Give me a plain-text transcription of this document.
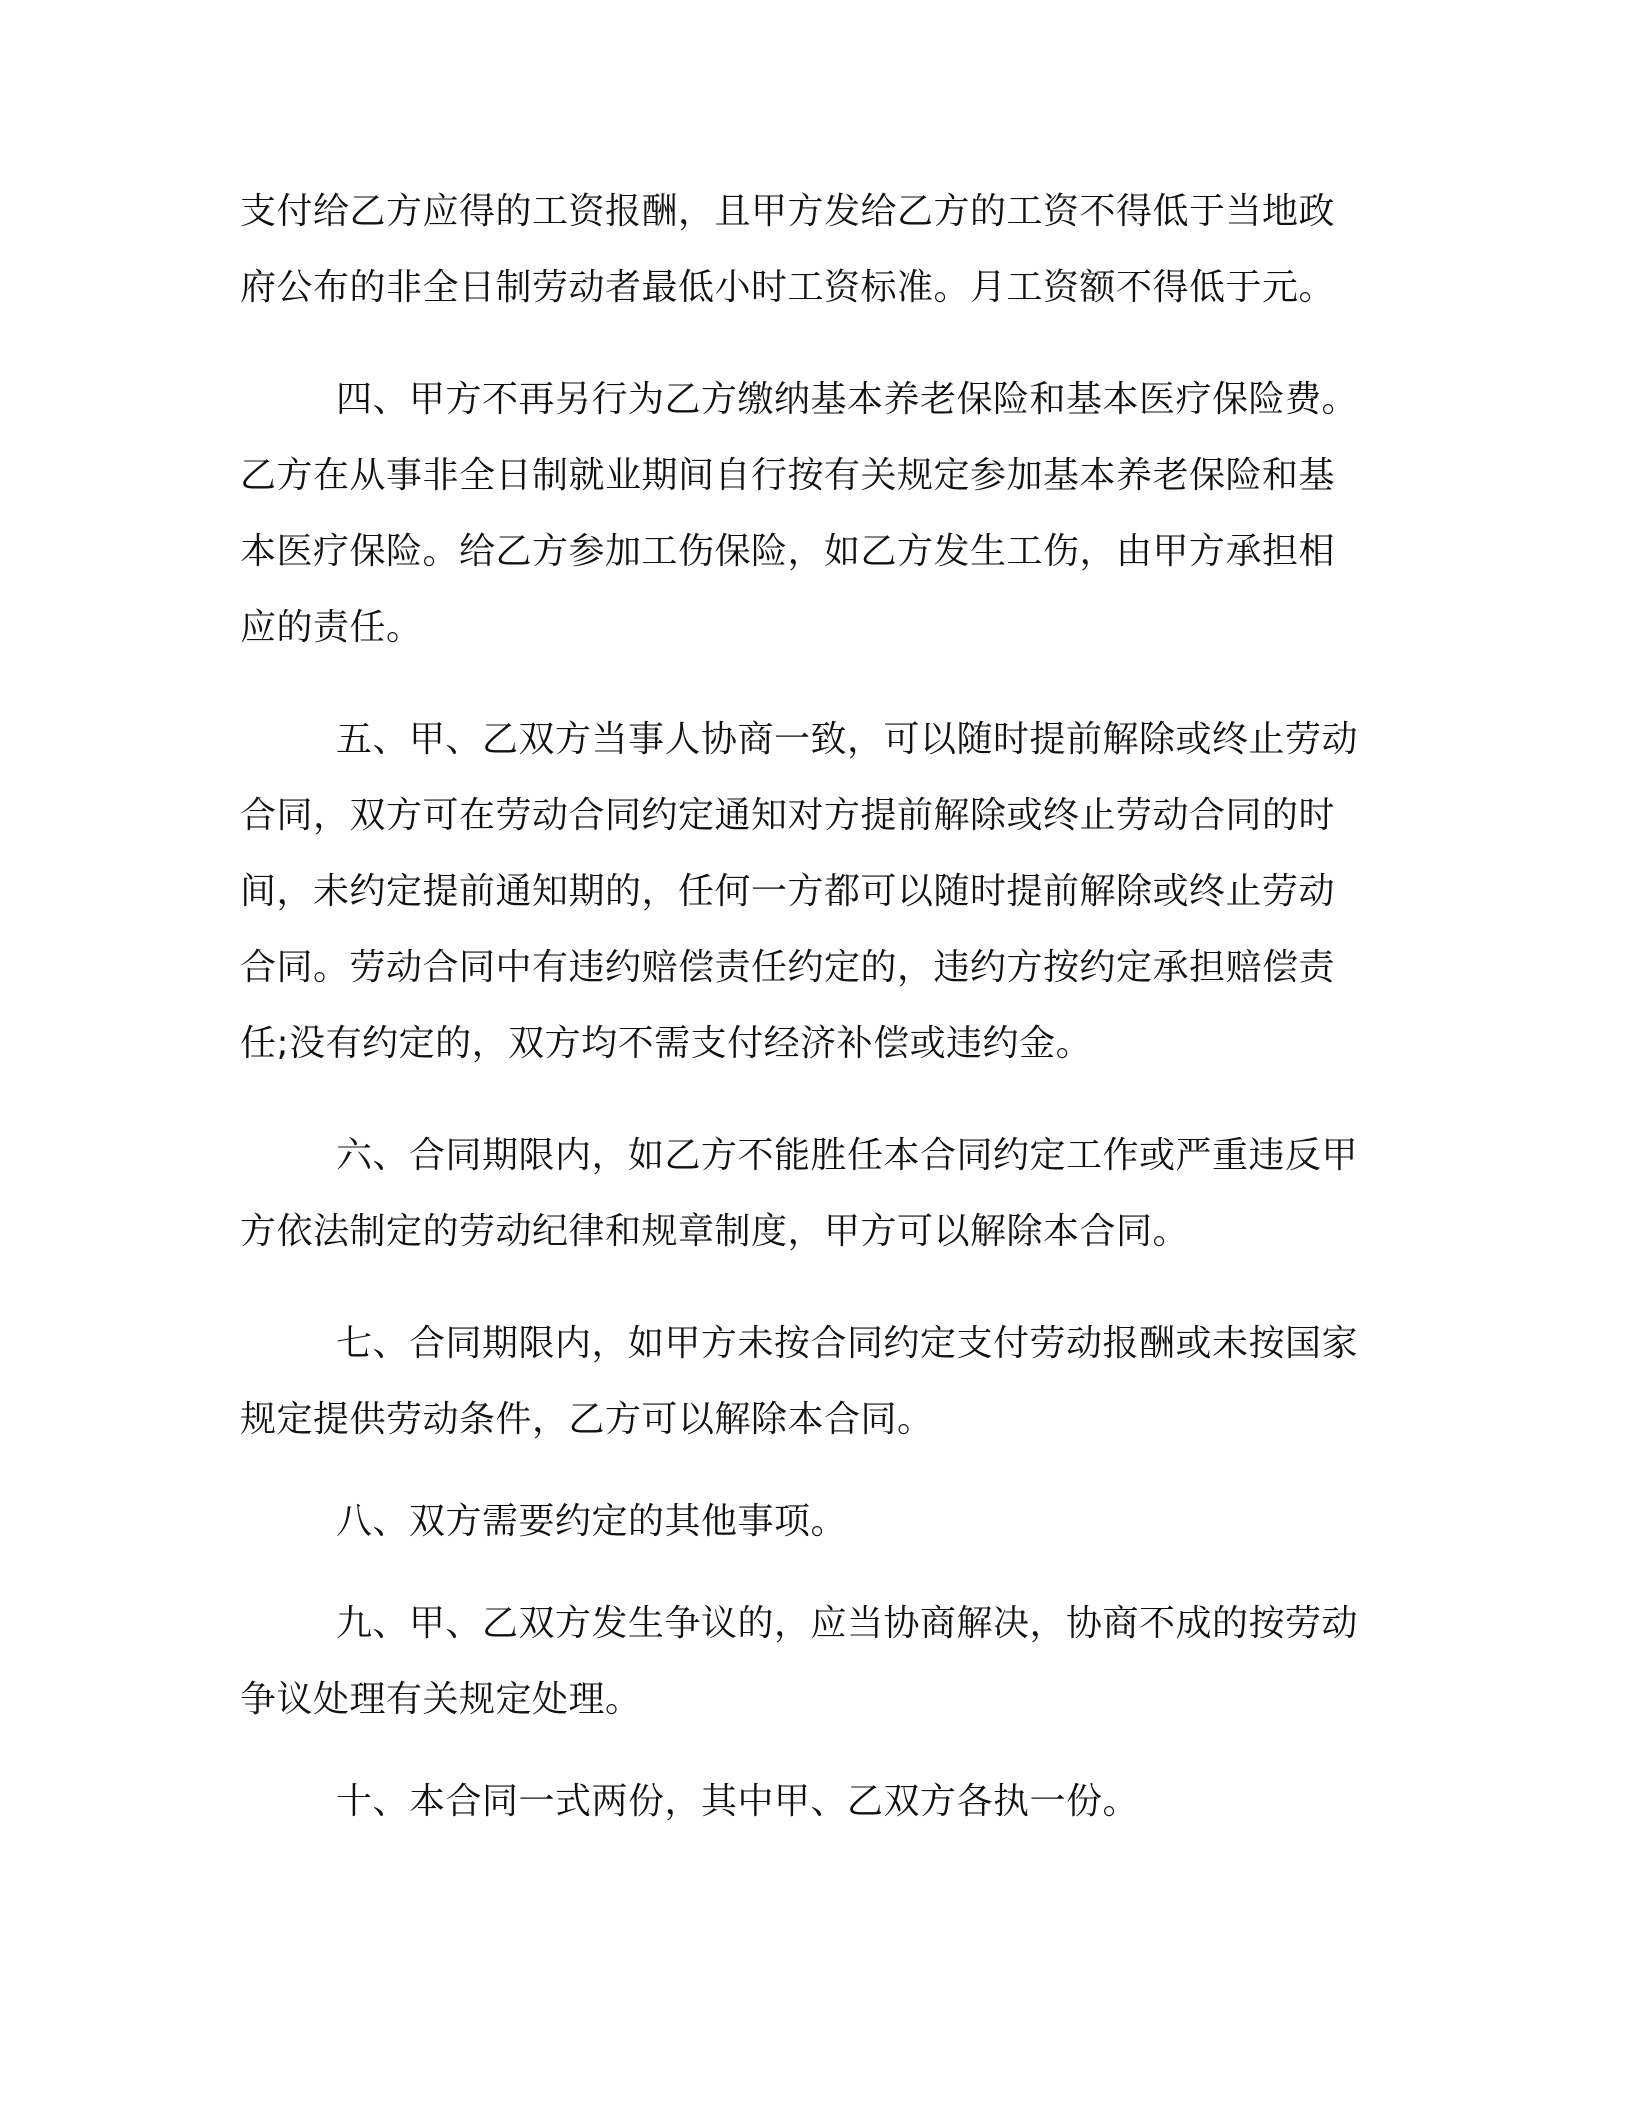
支付给乙方应得的工资报酬，且甲方发给乙方的工资不得低于当地政

府公布的非全日制劳动者最低小时工资标准。月工资额不得低于元。

四、甲方不再另行为乙方缴纳基本养老保险和基本医疗保险费。

乙方在从事非全日制就业期间自行按有关规定参加基本养老保险和基

本医疗保险。给乙方参加工伤保险，如乙方发生工伤，由甲方承担相

应的责任。

五、甲、乙双方当事人协商一致，可以随时提前解除或终止劳动

合同，双方可在劳动合同约定通知对方提前解除或终止劳动合同的时

间，未约定提前通知期的，任何一方都可以随时提前解除或终止劳动

合同。劳动合同中有违约赔偿责任约定的，违约方按约定承担赔偿责

任;没有约定的，双方均不需支付经济补偿或违约金。

六、合同期限内，如乙方不能胜任本合同约定工作或严重违反甲

方依法制定的劳动纪律和规章制度，甲方可以解除本合同。

七、合同期限内，如甲方未按合同约定支付劳动报酬或未按国家

规定提供劳动条件，乙方可以解除本合同。

八、双方需要约定的其他事项。

九、甲、乙双方发生争议的，应当协商解决，协商不成的按劳动

争议处理有关规定处理。

十、本合同一式两份，其中甲、乙双方各执一份。
